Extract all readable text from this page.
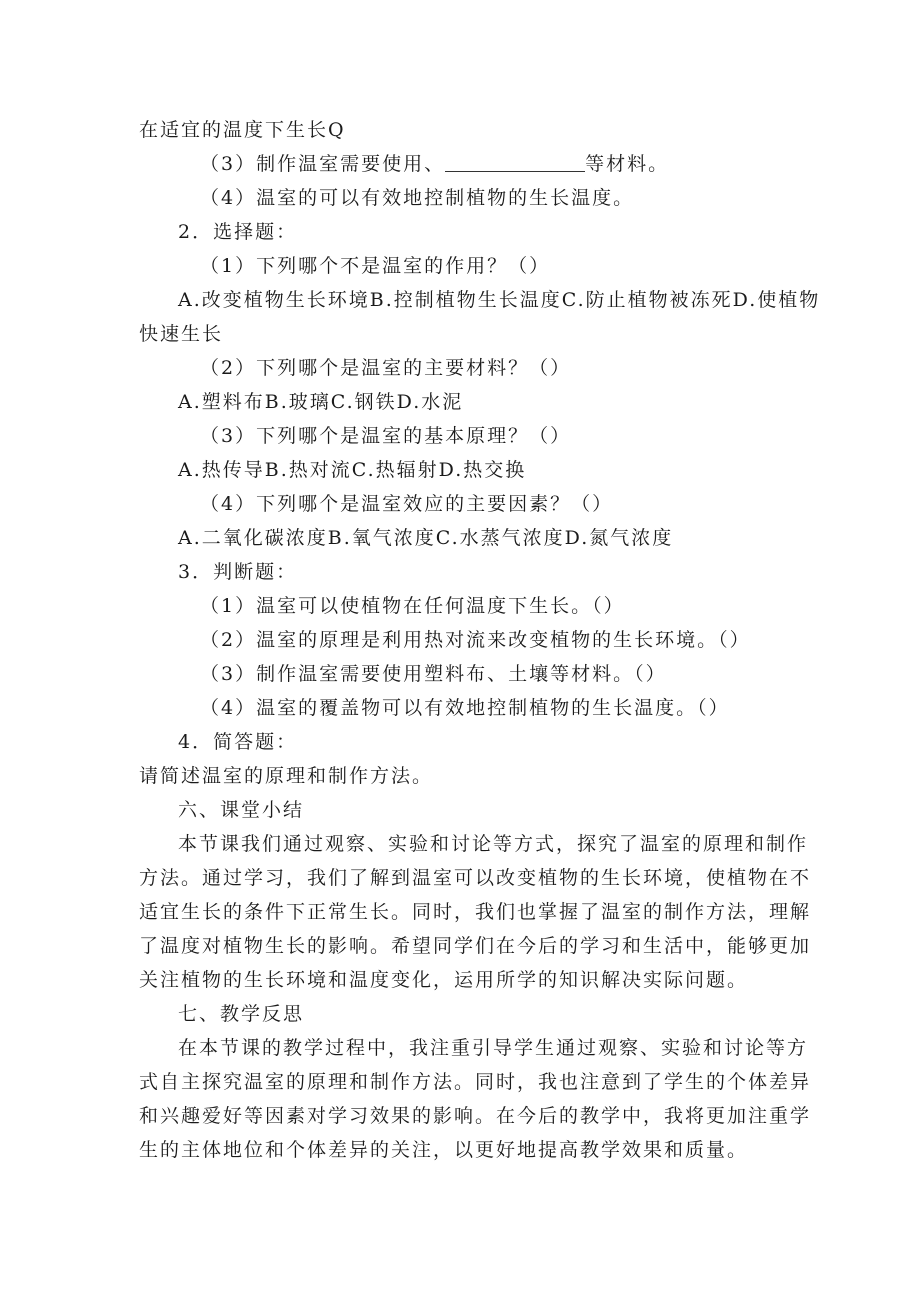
在适宜的温度下生长Q
（3）制作温室需要使用、	等材料。
（4）温室的可以有效地控制植物的生长温度。
2．选择题：
（1）下列哪个不是温室的作用？（）
A.改变植物生长环境B.控制植物生长温度C.防止植物被冻死D.使植物
快速生长
（2）下列哪个是温室的主要材料？（）
A.塑料布B.玻璃C.钢铁D.水泥
（3）下列哪个是温室的基本原理？（）
A.热传导B.热对流C.热辐射D.热交换
（4）下列哪个是温室效应的主要因素？（）
A.二氧化碳浓度B.氧气浓度C.水蒸气浓度D.氮气浓度
3．判断题：
（1）温室可以使植物在任何温度下生长。（）
（2）温室的原理是利用热对流来改变植物的生长环境。（）
（3）制作温室需要使用塑料布、土壤等材料。（）
（4）温室的覆盖物可以有效地控制植物的生长温度。（）
4．简答题：
请简述温室的原理和制作方法。
六、课堂小结
本节课我们通过观察、实验和讨论等方式，探究了温室的原理和制作
方法。通过学习，我们了解到温室可以改变植物的生长环境，使植物在不
适宜生长的条件下正常生长。同时，我们也掌握了温室的制作方法，理解
了温度对植物生长的影响。希望同学们在今后的学习和生活中，能够更加
关注植物的生长环境和温度变化，运用所学的知识解决实际问题。
七、教学反思
在本节课的教学过程中，我注重引导学生通过观察、实验和讨论等方
式自主探究温室的原理和制作方法。同时，我也注意到了学生的个体差异
和兴趣爱好等因素对学习效果的影响。在今后的教学中，我将更加注重学
生的主体地位和个体差异的关注，以更好地提高教学效果和质量。
